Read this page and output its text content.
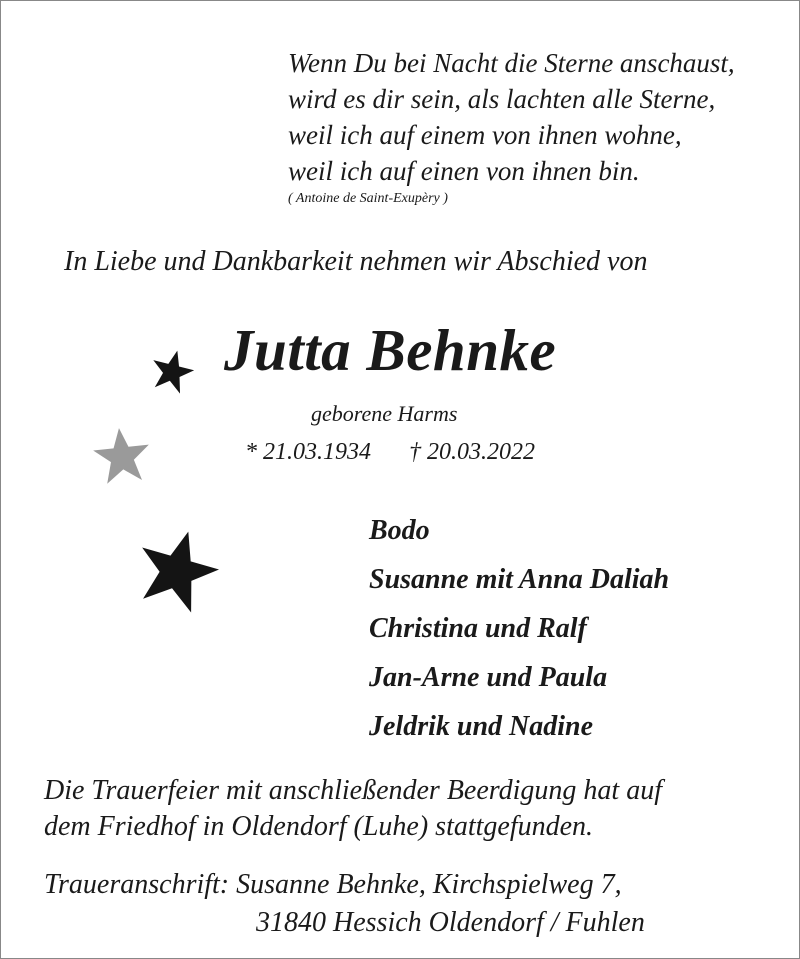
Wenn Du bei Nacht die Sterne anschaust,
wird es dir sein, als lachten alle Sterne,
weil ich auf einem von ihnen wohne,
weil ich auf einen von ihnen bin.
( Antoine de Saint-Exupèry )
In Liebe und Dankbarkeit nehmen wir Abschied von
Jutta Behnke
geborene Harms
* 21.03.1934 † 20.03.2022
Bodo
Susanne mit Anna Daliah
Christina und Ralf
Jan-Arne und Paula
Jeldrik und Nadine
Die Trauerfeier mit anschließender Beerdigung hat auf
dem Friedhof in Oldendorf (Luhe) stattgefunden.
Traueranschrift: Susanne Behnke, Kirchspielweg 7,
31840 Hessich Oldendorf / Fuhlen
